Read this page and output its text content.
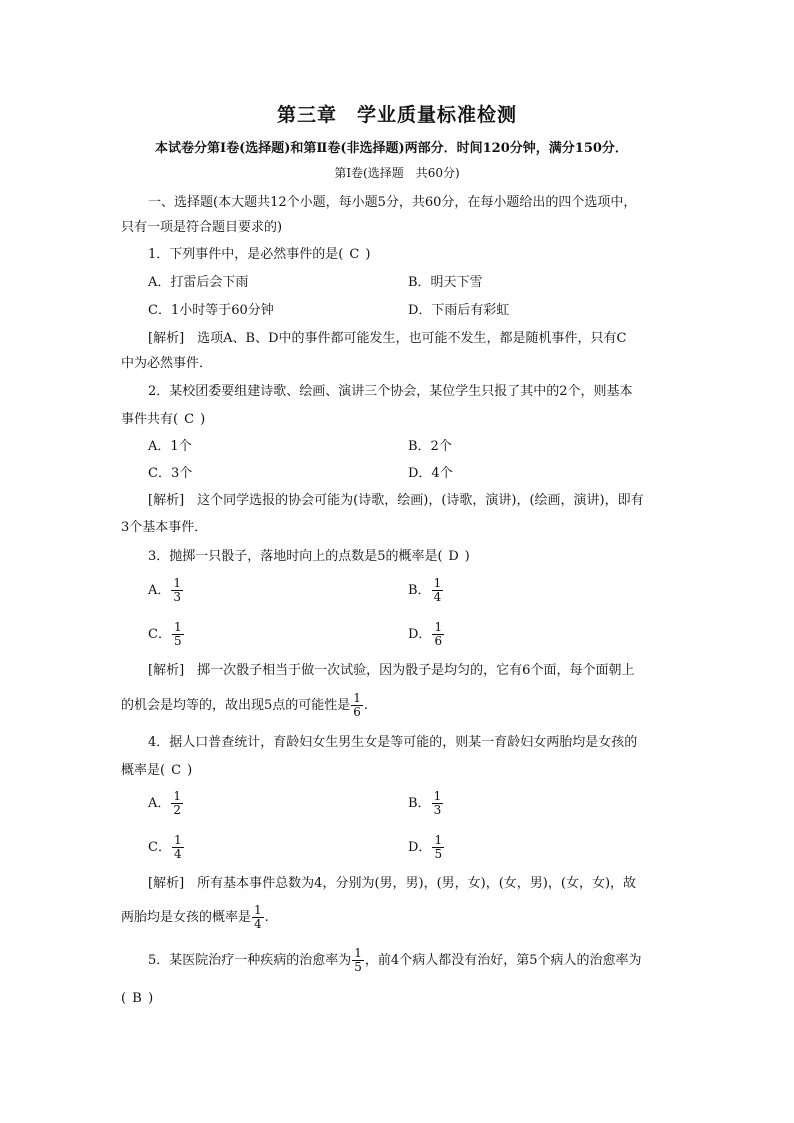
第三章　学业质量标准检测
本试卷分第Ⅰ卷(选择题)和第Ⅱ卷(非选择题)两部分．时间120分钟，满分150分．
第Ⅰ卷(选择题　共60分)
一、选择题(本大题共12个小题，每小题5分，共60分，在每小题给出的四个选项中，
只有一项是符合题目要求的)
1．下列事件中，是必然事件的是( C )
A．打雷后会下雨	B．明天下雪
C．1小时等于60分钟	D．下雨后有彩虹
[解析]　 选项A、B、D中的事件都可能发生，也可能不发生，都是随机事件，只有C
中为必然事件．
2．某校团委要组建诗歌、绘画、演讲三个协会，某位学生只报了其中的2个，则基本
事件共有( C )
A．1个	B．2个
C．3个	D．4个
[解析]　 这个同学选报的协会可能为(诗歌，绘画)，(诗歌，演讲)，(绘画，演讲)，即有
3个基本事件．
3．抛掷一只骰子，落地时向上的点数是5的概率是( D )
A． $\frac{1}{3}$	B． $\frac{1}{4}$
C． $\frac{1}{5}$	D． $\frac{1}{6}$
[解析]　 掷一次骰子相当于做一次试验，因为骰子是均匀的，它有6个面，每个面朝上
的机会是均等的，故出现5点的可能性是 $\frac{1}{6}$ .
4．据人口普查统计，育龄妇女生男生女是等可能的，则某一育龄妇女两胎均是女孩的
概率是( C )
A． $\frac{1}{2}$	B． $\frac{1}{3}$
C． $\frac{1}{4}$	D． $\frac{1}{5}$
[解析]　 所有基本事件总数为4，分别为(男，男)，(男，女)，(女，男)，(女，女)，故
两胎均是女孩的概率是 $\frac{1}{4}$ .
5．某医院治疗一种疾病的治愈率为 $\frac{1}{5}$ ，前4个病人都没有治好，第5个病人的治愈率为
( B )
